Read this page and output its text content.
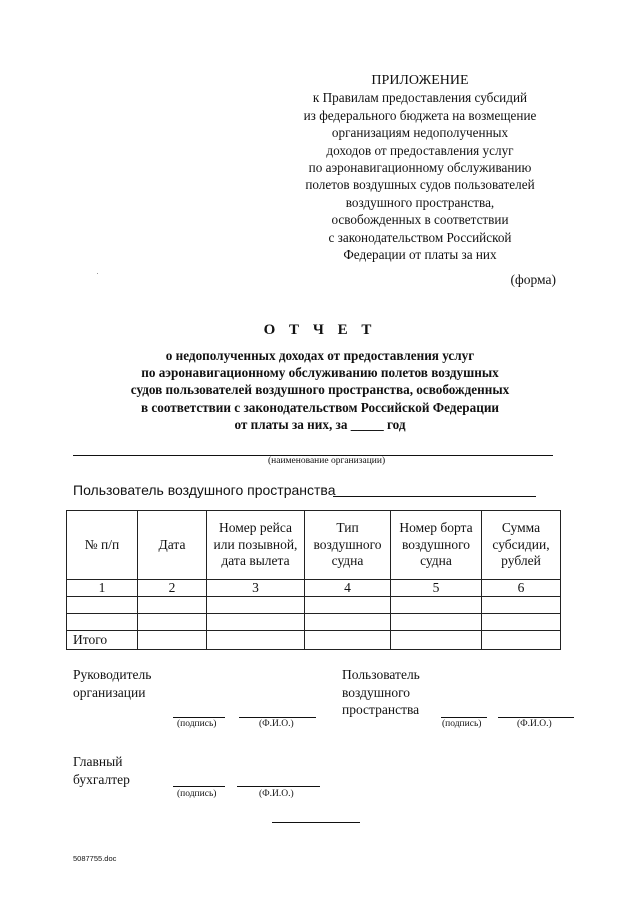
ПРИЛОЖЕНИЕ
к Правилам предоставления субсидий
из федерального бюджета на возмещение
организациям недополученных
доходов от предоставления услуг
по аэронавигационному обслуживанию
полетов воздушных судов пользователей
воздушного пространства,
освобожденных в соответствии
с законодательством Российской
Федерации от платы за них
(форма)
О Т Ч Е Т
о недополученных доходах от предоставления услуг
по аэронавигационному обслуживанию полетов воздушных
судов пользователей воздушного пространства, освобожденных
в соответствии с законодательством Российской Федерации
от платы за них, за _____ год
(наименование организации)
Пользователь воздушного пространства
№ п/п	Дата	Номер рейса или позывной, дата вылета	Тип воздушного судна	Номер борта воздушного судна	Сумма субсидии, рублей
1	2	3	4	5	6

Итого					
Руководитель
организации
(подпись)	(Ф.И.О.)
Пользователь
воздушного
пространства
(подпись)	(Ф.И.О.)
Главный
бухгалтер
(подпись)	(Ф.И.О.)
5087755.doc
